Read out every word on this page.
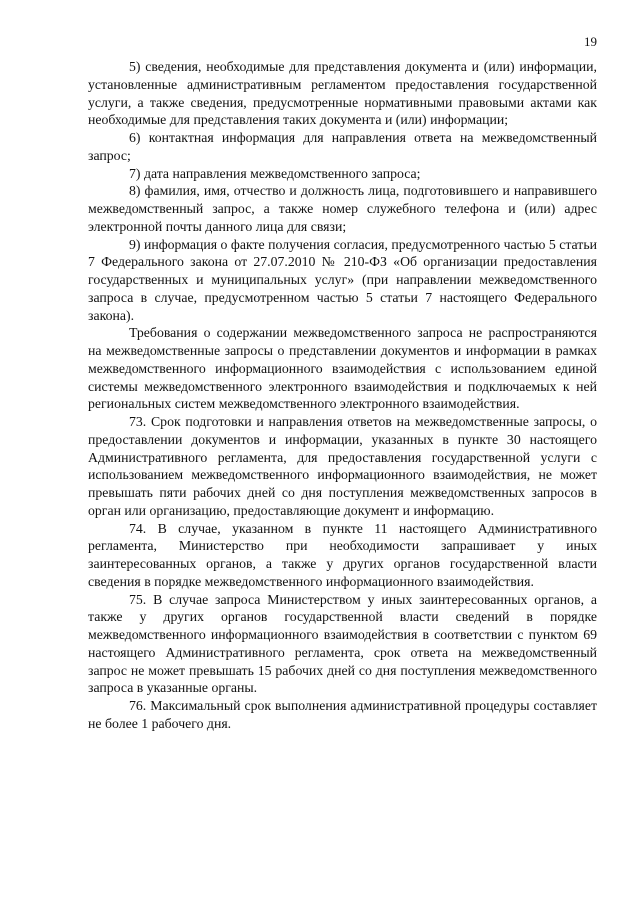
19

5) сведения, необходимые для представления документа и (или) информации, установленные административным регламентом предоставления государственной услуги, а также сведения, предусмотренные нормативными правовыми актами как необходимые для представления таких документа и (или) информации;

6) контактная информация для направления ответа на межведомственный запрос;

7) дата направления межведомственного запроса;

8) фамилия, имя, отчество и должность лица, подготовившего и направившего межведомственный запрос, а также номер служебного телефона и (или) адрес электронной почты данного лица для связи;

9) информация о факте получения согласия, предусмотренного частью 5 статьи 7 Федерального закона от 27.07.2010 № 210-ФЗ «Об организации предоставления государственных и муниципальных услуг» (при направлении межведомственного запроса в случае, предусмотренном частью 5 статьи 7 настоящего Федерального закона).

Требования о содержании межведомственного запроса не распространяются на межведомственные запросы о представлении документов и информации в рамках межведомственного информационного взаимодействия с использованием единой системы межведомственного электронного взаимодействия и подключаемых к ней региональных систем межведомственного электронного взаимодействия.

73. Срок подготовки и направления ответов на межведомственные запросы, о предоставлении документов и информации, указанных в пункте 30 настоящего Административного регламента, для предоставления государственной услуги с использованием межведомственного информационного взаимодействия, не может превышать пяти рабочих дней со дня поступления межведомственных запросов в орган или организацию, предоставляющие документ и информацию.

74. В случае, указанном в пункте 11 настоящего Административного регламента, Министерство при необходимости запрашивает у иных заинтересованных органов, а также у других органов государственной власти сведения в порядке межведомственного информационного взаимодействия.

75. В случае запроса Министерством у иных заинтересованных органов, а также у других органов государственной власти сведений в порядке межведомственного информационного взаимодействия в соответствии с пунктом 69 настоящего Административного регламента, срок ответа на межведомственный запрос не может превышать 15 рабочих дней со дня поступления межведомственного запроса в указанные органы.

76. Максимальный срок выполнения административной процедуры составляет не более 1 рабочего дня.
